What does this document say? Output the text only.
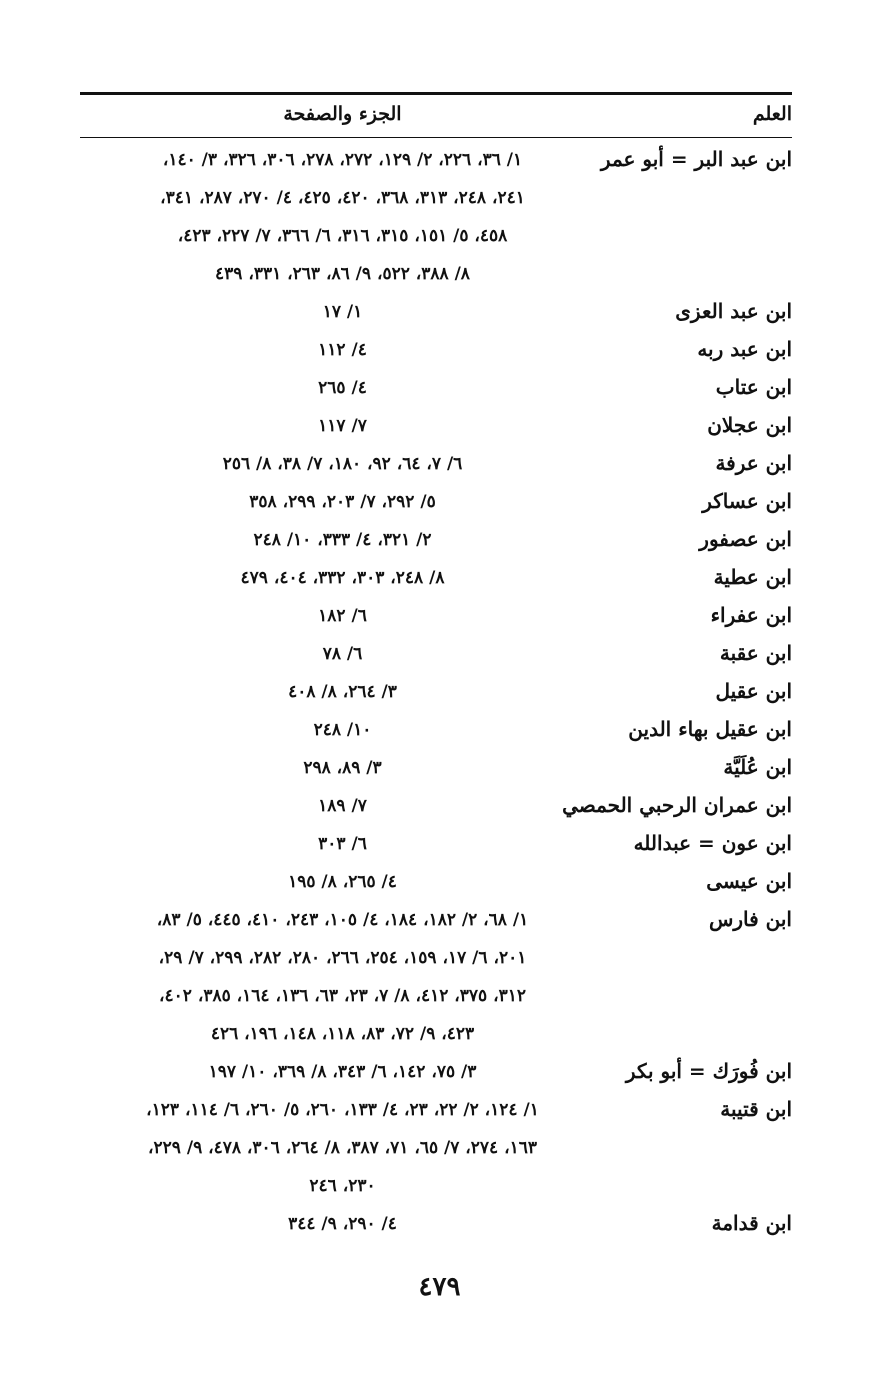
العلم
الجزء والصفحة
ابن عبد البر = أبو عمر
١/ ٣٦، ٢٢٦، ٢/ ١٢٩، ٢٧٢، ٢٧٨، ٣٠٦، ٣٢٦، ٣/ ١٤٠،
٢٤١، ٢٤٨، ٣١٣، ٣٦٨، ٤٢٠، ٤٢٥، ٤/ ٢٧٠، ٢٨٧، ٣٤١،
٤٥٨، ٥/ ١٥١، ٣١٥، ٣١٦، ٦/ ٣٦٦، ٧/ ٢٢٧، ٤٢٣،
٨/ ٣٨٨، ٥٢٢، ٩/ ٨٦، ٢٦٣، ٣٣١، ٤٣٩
ابن عبد العزى
١/ ١٧
ابن عبد ربه
٤/ ١١٢
ابن عتاب
٤/ ٢٦٥
ابن عجلان
٧/ ١١٧
ابن عرفة
٦/ ٧، ٦٤، ٩٢، ١٨٠، ٧/ ٣٨، ٨/ ٢٥٦
ابن عساكر
٥/ ٢٩٢، ٧/ ٢٠٣، ٢٩٩، ٣٥٨
ابن عصفور
٢/ ٣٢١، ٤/ ٣٣٣، ١٠/ ٢٤٨
ابن عطية
٨/ ٢٤٨، ٣٠٣، ٣٣٢، ٤٠٤، ٤٧٩
ابن عفراء
٦/ ١٨٢
ابن عقبة
٦/ ٧٨
ابن عقيل
٣/ ٢٦٤، ٨/ ٤٠٨
ابن عقيل بهاء الدين
١٠/ ٢٤٨
ابن عُلَيَّة
٣/ ٨٩، ٢٩٨
ابن عمران الرحبي الحمصي
٧/ ١٨٩
ابن عون = عبدالله
٦/ ٣٠٣
ابن عيسى
٤/ ٢٦٥، ٨/ ١٩٥
ابن فارس
١/ ٦٨، ٢/ ١٨٢، ١٨٤، ٤/ ١٠٥، ٢٤٣، ٤١٠، ٤٤٥، ٥/ ٨٣،
٢٠١، ٦/ ١٧، ١٥٩، ٢٥٤، ٢٦٦، ٢٨٠، ٢٨٢، ٢٩٩، ٧/ ٢٩،
٣١٢، ٣٧٥، ٤١٢، ٨/ ٧، ٢٣، ٦٣، ١٣٦، ١٦٤، ٣٨٥، ٤٠٢،
٤٢٣، ٩/ ٧٢، ٨٣، ١١٨، ١٤٨، ١٩٦، ٤٢٦
ابن فُورَك = أبو بكر
٣/ ٧٥، ١٤٢، ٦/ ٣٤٣، ٨/ ٣٦٩، ١٠/ ١٩٧
ابن قتيبة
١/ ١٢٤، ٢/ ٢٢، ٢٣، ٤/ ١٣٣، ٢٦٠، ٥/ ٢٦٠، ٦/ ١١٤، ١٢٣،
١٦٣، ٢٧٤، ٧/ ٦٥، ٧١، ٣٨٧، ٨/ ٢٦٤، ٣٠٦، ٤٧٨، ٩/ ٢٢٩،
٢٣٠، ٢٤٦
ابن قدامة
٤/ ٢٩٠، ٩/ ٣٤٤
٤٧٩
